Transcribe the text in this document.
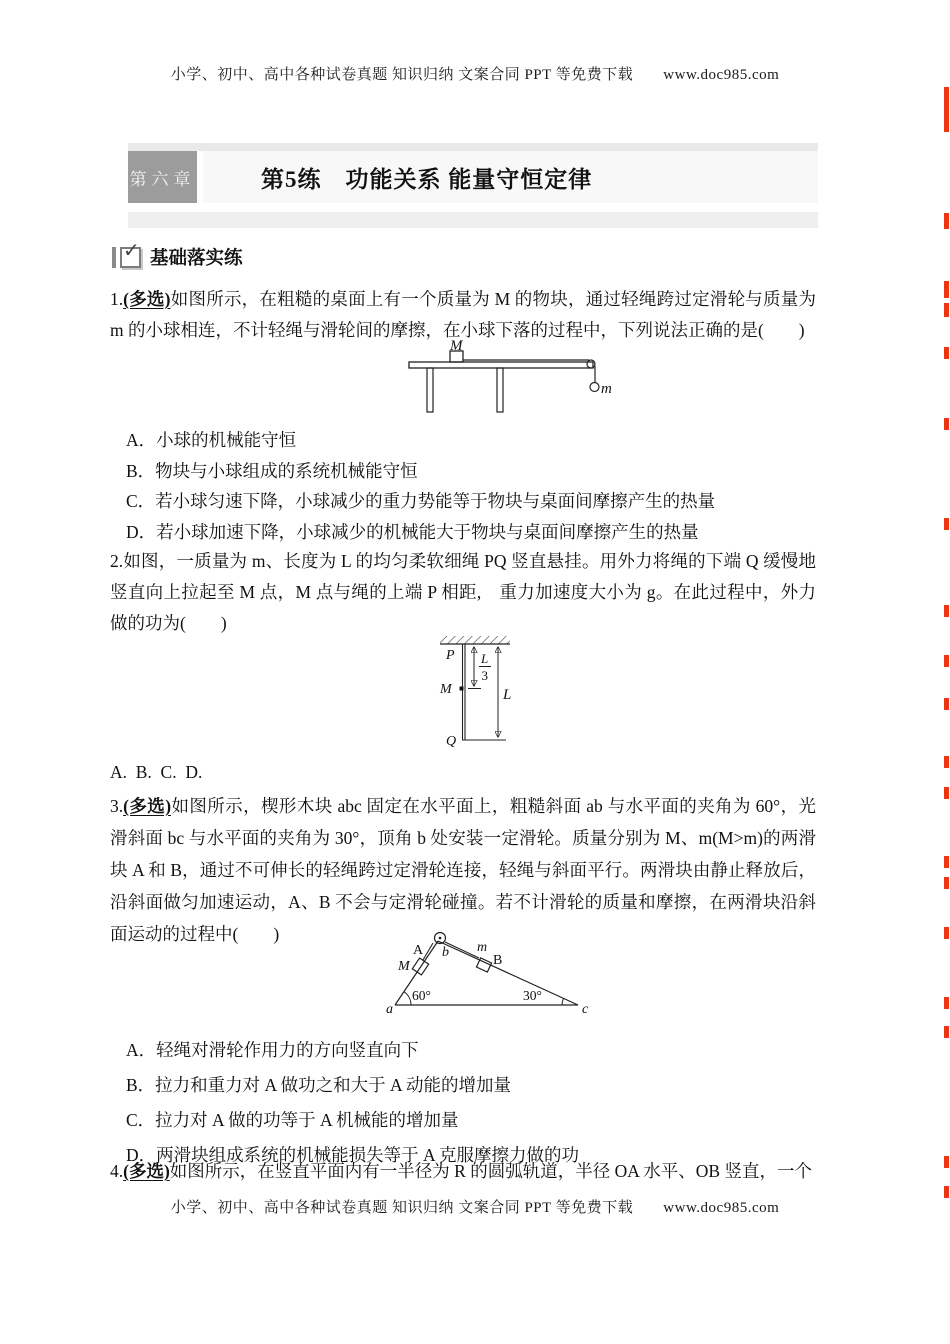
小学、初中、高中各种试卷真题 知识归纳 文案合同 PPT 等免费下载 www.doc985.com
第六章	第5练　功能关系 能量守恒定律
✓ 基础落实练
1.(多选)如图所示，在粗糙的桌面上有一个质量为 M 的物块，通过轻绳跨过定滑轮与质量为 m 的小球相连，不计轻绳与滑轮间的摩擦，在小球下落的过程中，下列说法正确的是(　　)
M
m
A．小球的机械能守恒
B．物块与小球组成的系统机械能守恒
C．若小球匀速下降，小球减少的重力势能等于物块与桌面间摩擦产生的热量
D．若小球加速下降，小球减少的机械能大于物块与桌面间摩擦产生的热量
2.如图，一质量为 m、长度为 L 的均匀柔软细绳 PQ 竖直悬挂。用外力将绳的下端 Q 缓慢地竖直向上拉起至 M 点，M 点与绳的上端 P 相距,　重力加速度大小为 g。在此过程中，外力做的功为(　　)
P
M
L
3
L
Q
A.  B.  C.  D.
3.(多选)如图所示，楔形木块 abc 固定在水平面上，粗糙斜面 ab 与水平面的夹角为 60°，光滑斜面 bc 与水平面的夹角为 30°，顶角 b 处安装一定滑轮。质量分别为 M、m(M>m)的两滑块 A 和 B，通过不可伸长的轻绳跨过定滑轮连接，轻绳与斜面平行。两滑块由静止释放后，沿斜面做匀加速运动，A、B 不会与定滑轮碰撞。若不计滑轮的质量和摩擦，在两滑块沿斜面运动的过程中(　　)
A
M
b m
B
60°	30°
a	c
A．轻绳对滑轮作用力的方向竖直向下
B．拉力和重力对 A 做功之和大于 A 动能的增加量
C．拉力对 A 做的功等于 A 机械能的增加量
D．两滑块组成系统的机械能损失等于 A 克服摩擦力做的功
4.(多选)如图所示，在竖直平面内有一半径为 R 的圆弧轨道，半径 OA 水平、OB 竖直，一个
小学、初中、高中各种试卷真题 知识归纳 文案合同 PPT 等免费下载 www.doc985.com
